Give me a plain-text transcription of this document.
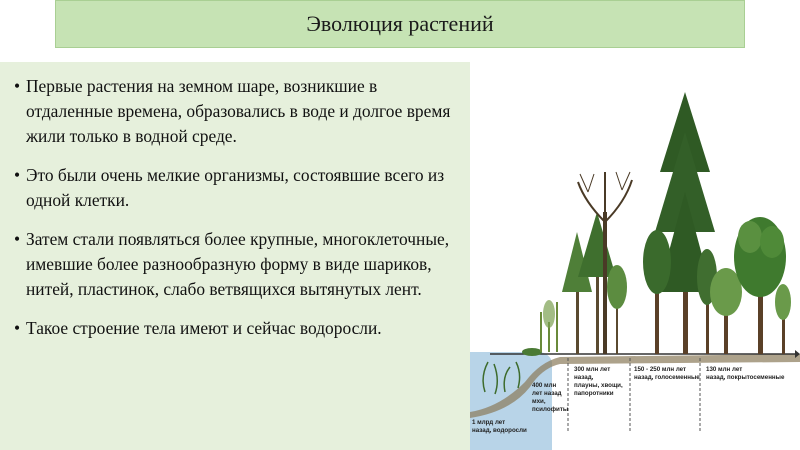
Эволюция растений
• Первые растения на земном шаре, возникшие в отдаленные времена, образовались в воде и долгое время жили только в водной среде.
• Это были очень мелкие организмы, состоявшие всего из одной клетки.
• Затем стали появляться более крупные, многоклеточные, имевшие более разнообразную форму в виде шариков, нитей, пластинок, слабо ветвящихся вытянутых лент.
• Такое строение тела имеют и сейчас водоросли.
1 млрд лет
назад, водоросли
400 млн
лет назад
мхи,
псилофиты
300 млн лет
назад,
плауны, хвощи,
папоротники
150 - 250 млн лет
назад, голосеменные
130 млн лет
назад, покрытосеменные
